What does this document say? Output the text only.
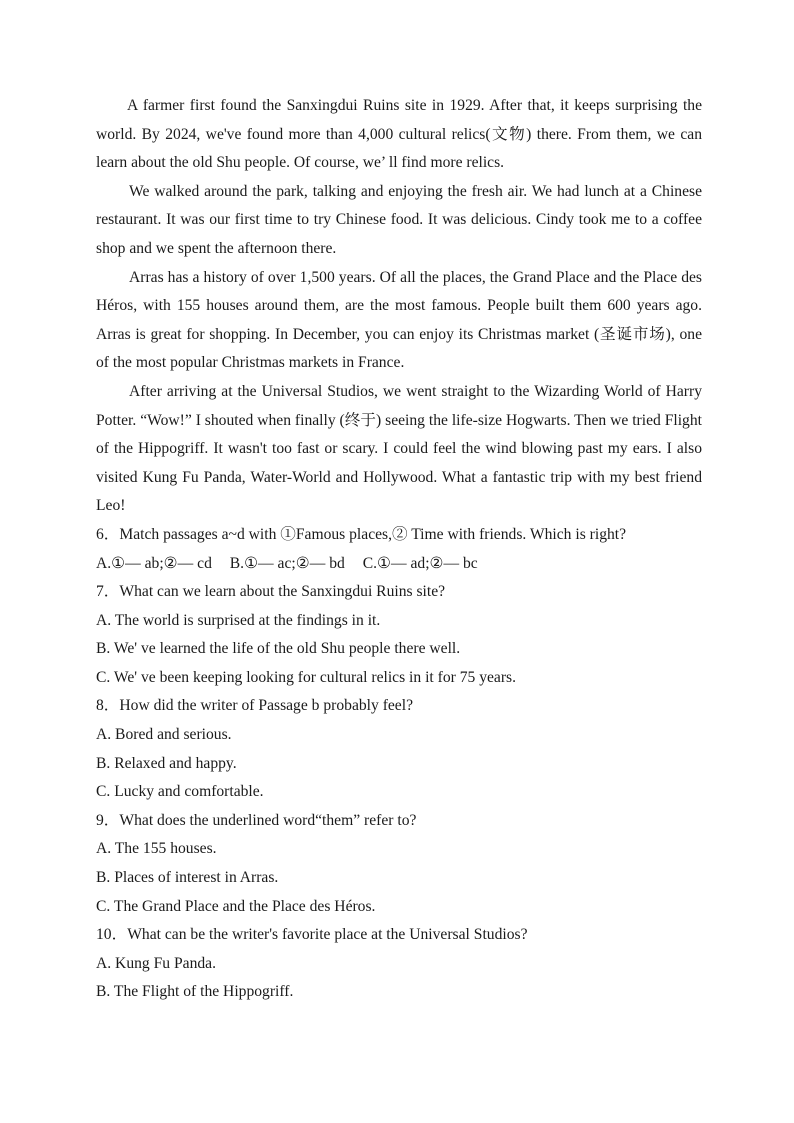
A farmer first found the Sanxingdui Ruins site in 1929. After that, it keeps surprising the world. By 2024, we've found more than 4,000 cultural relics(文物) there. From them, we can learn about the old Shu people. Of course, we’ ll find more relics.

We walked around the park, talking and enjoying the fresh air. We had lunch at a Chinese restaurant. It was our first time to try Chinese food. It was delicious. Cindy took me to a coffee shop and we spent the afternoon there.

Arras has a history of over 1,500 years. Of all the places, the Grand Place and the Place des Héros, with 155 houses around them, are the most famous. People built them 600 years ago. Arras is great for shopping. In December, you can enjoy its Christmas market (圣诞市场), one of the most popular Christmas markets in France.

After arriving at the Universal Studios, we went straight to the Wizarding World of Harry Potter. “Wow!” I shouted when finally (终于) seeing the life-size Hogwarts. Then we tried Flight of the Hippogriff. It wasn't too fast or scary. I could feel the wind blowing past my ears. I also visited Kung Fu Panda, Water-World and Hollywood. What a fantastic trip with my best friend Leo!

6．Match passages a~d with ①Famous places,② Time with friends. Which is right?

A.①— ab;②— cd B.①— ac;②— bd C.①— ad;②— bc

7．What can we learn about the Sanxingdui Ruins site?

A. The world is surprised at the findings in it.

B. We' ve learned the life of the old Shu people there well.

C. We' ve been keeping looking for cultural relics in it for 75 years.

8．How did the writer of Passage b probably feel?

A. Bored and serious.

B. Relaxed and happy.

C. Lucky and comfortable.

9．What does the underlined word“them” refer to?

A. The 155 houses.

B. Places of interest in Arras.

C. The Grand Place and the Place des Héros.

10．What can be the writer's favorite place at the Universal Studios?

A. Kung Fu Panda.

B. The Flight of the Hippogriff.
